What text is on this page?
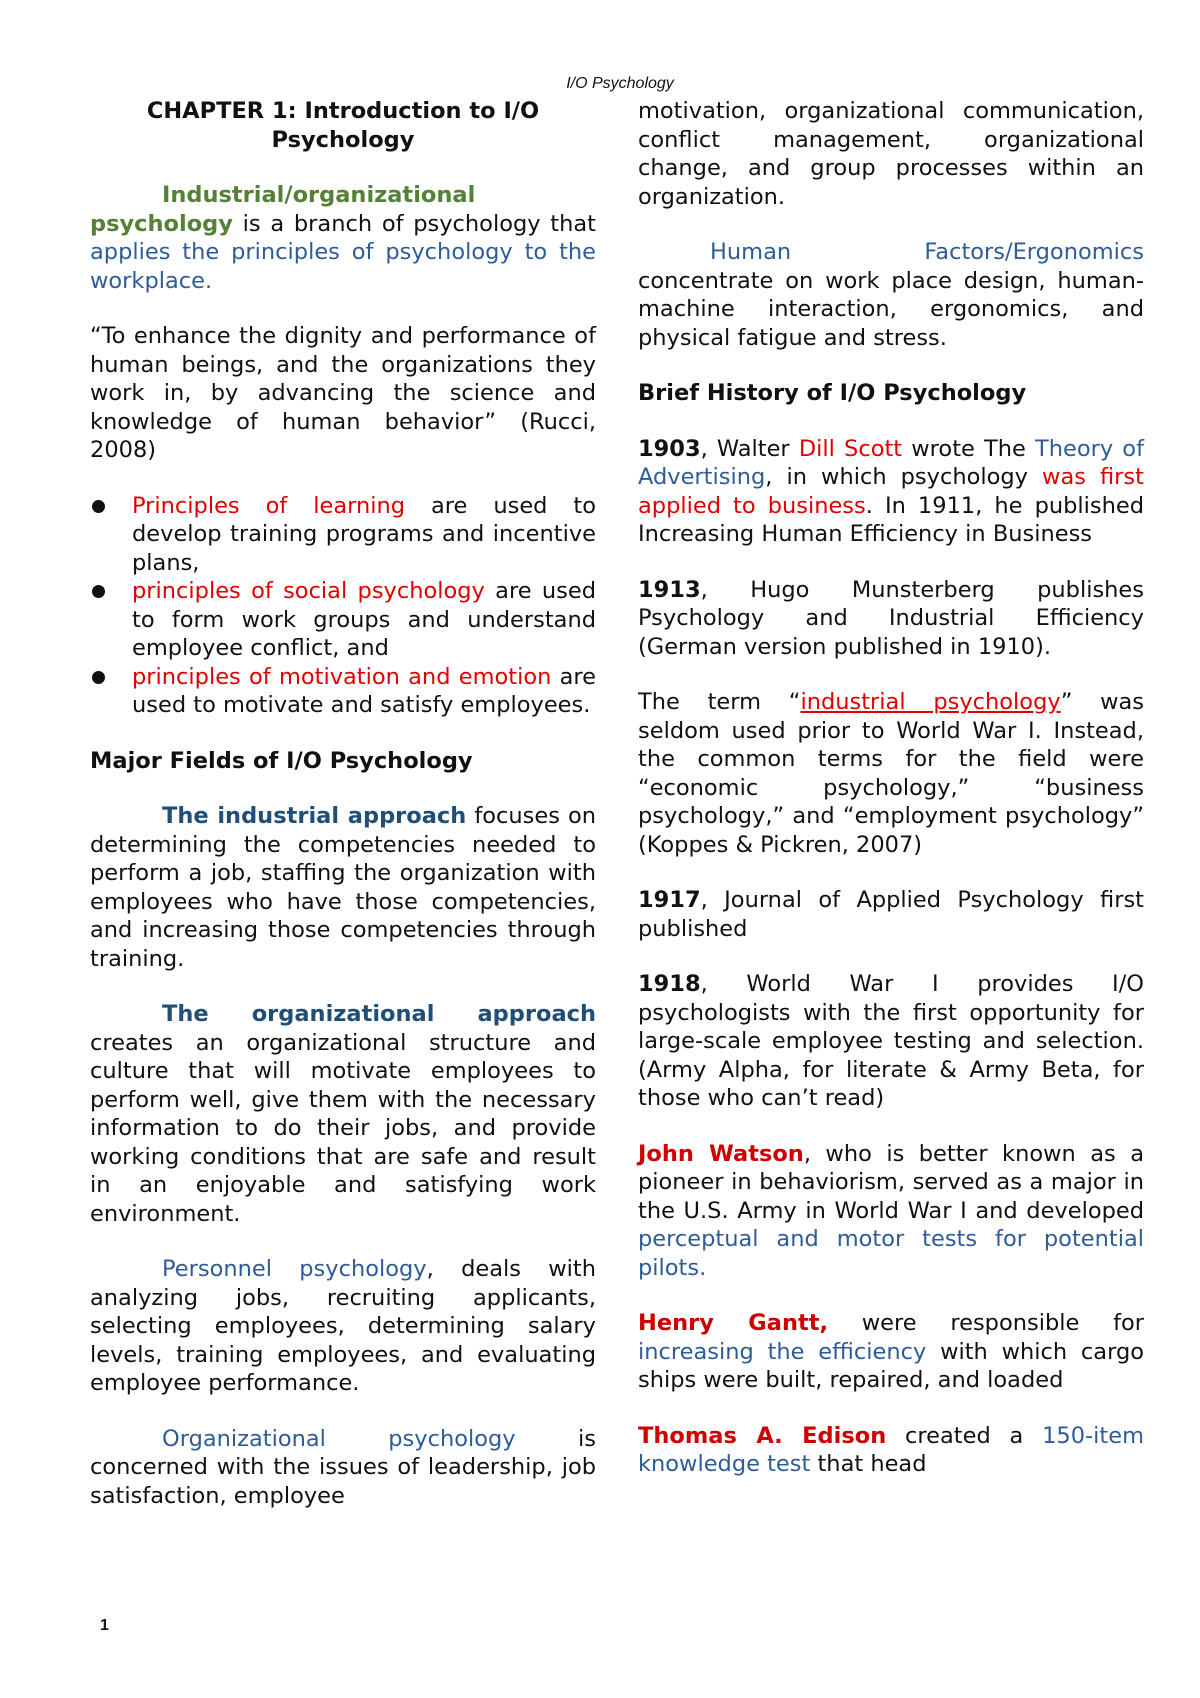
I/O Psychology
CHAPTER 1: Introduction to I/O Psychology

Industrial/organizational psychology is a branch of psychology that applies the principles of psychology to the workplace.

“To enhance the dignity and performance of human beings, and the organizations they work in, by advancing the science and knowledge of human behavior” (Rucci, 2008)

Principles of learning are used to develop training programs and incentive plans,
principles of social psychology are used to form work groups and understand employee conflict, and
principles of motivation and emotion are used to motivate and satisfy employees.
Major Fields of I/O Psychology

The industrial approach focuses on determining the competencies needed to perform a job, staffing the organization with employees who have those competencies, and increasing those competencies through training.

The organizational approach creates an organizational structure and culture that will motivate employees to perform well, give them with the necessary information to do their jobs, and provide working conditions that are safe and result in an enjoyable and satisfying work environment.

Personnel psychology, deals with analyzing jobs, recruiting applicants, selecting employees, determining salary levels, training employees, and evaluating employee performance.

Organizational psychology is concerned with the issues of leadership, job satisfaction, employee

motivation, organizational communication, conflict management, organizational change, and group processes within an organization.

Human Factors/Ergonomics concentrate on work place design, human-machine interaction, ergonomics, and physical fatigue and stress.

Brief History of I/O Psychology

1903, Walter Dill Scott wrote The Theory of Advertising, in which psychology was first applied to business. In 1911, he published Increasing Human Efficiency in Business

1913, Hugo Munsterberg publishes Psychology and Industrial Efficiency (German version published in 1910).

The term “industrial psychology” was seldom used prior to World War I. Instead, the common terms for the field were “economic psychology,” “business psychology,” and “employment psychology” (Koppes & Pickren, 2007)

1917, Journal of Applied Psychology first published

1918, World War I provides I/O psychologists with the first opportunity for large-scale employee testing and selection. (Army Alpha, for literate & Army Beta, for those who can’t read)

John Watson, who is better known as a pioneer in behaviorism, served as a major in the U.S. Army in World War I and developed perceptual and motor tests for potential pilots.

Henry Gantt, were responsible for increasing the efficiency with which cargo ships were built, repaired, and loaded

Thomas A. Edison created a 150-item knowledge test that head

1
